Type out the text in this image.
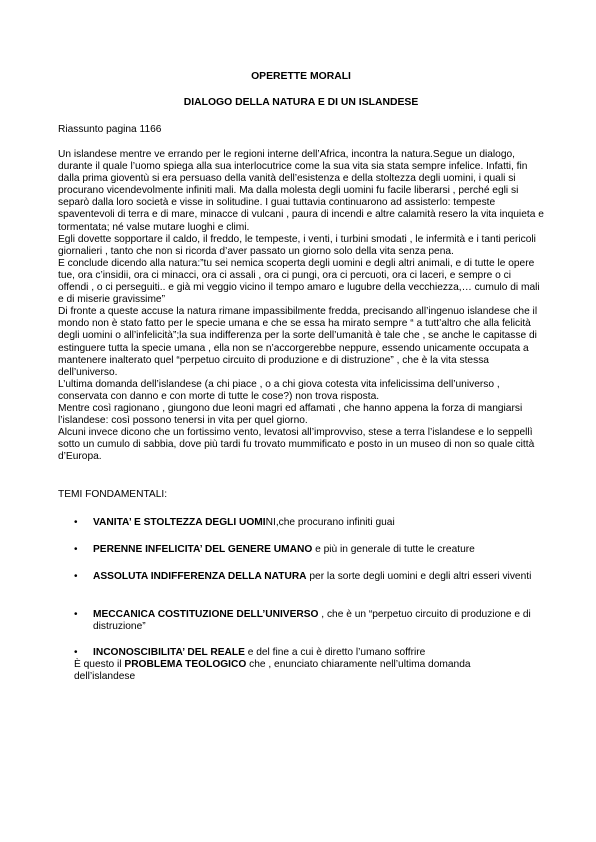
OPERETTE MORALI
DIALOGO DELLA NATURA E DI UN ISLANDESE
Riassunto pagina 1166

Un islandese mentre ve errando per le regioni interne dell’Africa, incontra la natura.Segue un dialogo, durante il quale l’uomo spiega alla sua interlocutrice come la sua vita sia stata sempre infelice. Infatti, fin dalla prima gioventù si era persuaso della vanità dell’esistenza e della stoltezza degli uomini, i quali si procurano vicendevolmente infiniti mali. Ma dalla molesta degli uomini fu facile liberarsi , perché egli si separò dalla loro società e visse in solitudine. I guai tuttavia continuarono ad assisterlo: tempeste spaventevoli di terra e di mare, minacce di vulcani , paura di incendi e altre calamità resero la vita inquieta e tormentata; né valse mutare luoghi e climi.

Egli dovette sopportare il caldo, il freddo, le tempeste, i venti, i turbini smodati , le infermità e i tanti pericoli giornalieri , tanto che non si ricorda d’aver passato un giorno solo della vita senza pena.

E conclude dicendo alla natura:”tu sei nemica scoperta degli uomini e degli altri animali, e di tutte le opere tue, ora c’insidii, ora ci minacci, ora ci assali , ora ci pungi, ora ci percuoti, ora ci laceri, e sempre o ci offendi , o ci perseguiti.. e già mi veggio vicino il tempo amaro e lugubre della vecchiezza,… cumulo di mali e di miserie gravissime”

Di fronte a queste accuse la natura rimane impassibilmente fredda, precisando all’ingenuo islandese che il mondo non è stato fatto per le specie umana e che se essa ha mirato sempre “ a tutt’altro che alla felicità degli uomini o all’infelicità”;la sua indifferenza per la sorte dell’umanità è tale che , se anche le capitasse di estinguere tutta la specie umana , ella non se n’accorgerebbe neppure, essendo unicamente occupata a mantenere inalterato quel “perpetuo circuito di produzione e di distruzione” , che è la vita stessa dell’universo.

L’ultima domanda dell’islandese (a chi piace , o a chi giova cotesta vita infelicissima dell’universo , conservata con danno e con morte di tutte le cose?) non trova risposta.

Mentre così ragionano , giungono due leoni magri ed affamati , che hanno appena la forza di mangiarsi l’islandese: così possono tenersi in vita per quel giorno.

Alcuni invece dicono che un fortissimo vento, levatosi all’improvviso, stese a terra l’islandese e lo seppellì sotto un cumulo di sabbia, dove più tardi fu trovato mummificato e posto in un museo di non so quale città d’Europa.

TEMI FONDAMENTALI:
• VANITA’ E STOLTEZZA DEGLI UOMINI,che procurano infiniti guai
• PERENNE INFELICITA’ DEL GENERE UMANO e più in generale di tutte le creature
• ASSOLUTA INDIFFERENZA DELLA NATURA per la sorte degli uomini e degli altri esseri viventi
• MECCANICA COSTITUZIONE DELL’UNIVERSO , che è un “perpetuo circuito di produzione e di distruzione”
• INCONOSCIBILITA’ DEL REALE e del fine a cui è diretto l’umano soffrire
È questo il PROBLEMA TEOLOGICO che , enunciato chiaramente nell’ultima domanda dell’islandese
